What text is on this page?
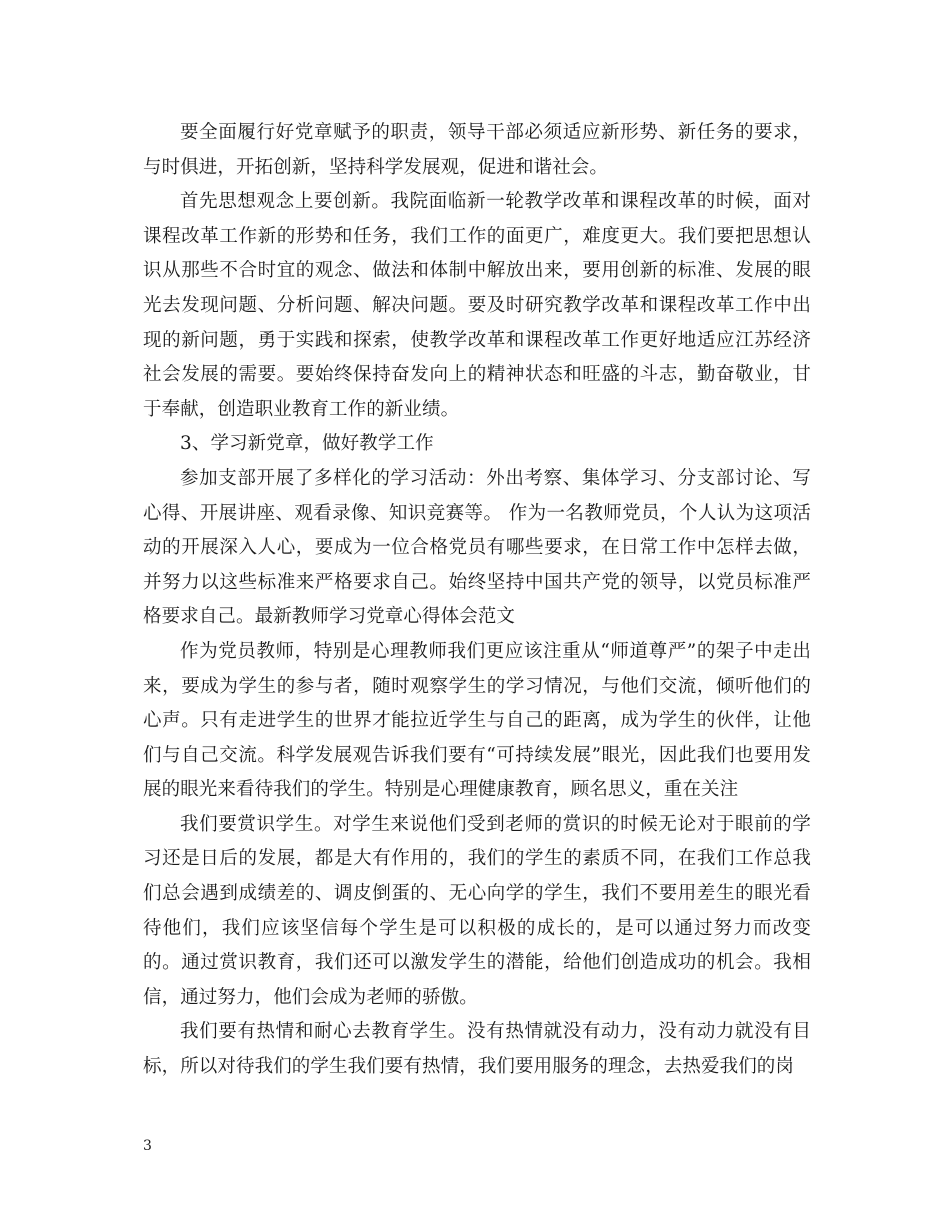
要全面履行好党章赋予的职责，领导干部必须适应新形势、新任务的要求，与时俱进，开拓创新，坚持科学发展观，促进和谐社会。

首先思想观念上要创新。我院面临新一轮教学改革和课程改革的时候，面对课程改革工作新的形势和任务，我们工作的面更广，难度更大。我们要把思想认识从那些不合时宜的观念、做法和体制中解放出来，要用创新的标准、发展的眼光去发现问题、分析问题、解决问题。要及时研究教学改革和课程改革工作中出现的新问题，勇于实践和探索，使教学改革和课程改革工作更好地适应江苏经济社会发展的需要。要始终保持奋发向上的精神状态和旺盛的斗志，勤奋敬业，甘于奉献，创造职业教育工作的新业绩。

3、学习新党章，做好教学工作

参加支部开展了多样化的学习活动：外出考察、集体学习、分支部讨论、写心得、开展讲座、观看录像、知识竞赛等。 作为一名教师党员，个人认为这项活动的开展深入人心，要成为一位合格党员有哪些要求，在日常工作中怎样去做，并努力以这些标准来严格要求自己。始终坚持中国共产党的领导，以党员标准严格要求自己。最新教师学习党章心得体会范文

作为党员教师，特别是心理教师我们更应该注重从“师道尊严”的架子中走出来，要成为学生的参与者，随时观察学生的学习情况，与他们交流，倾听他们的心声。只有走进学生的世界才能拉近学生与自己的距离，成为学生的伙伴，让他们与自己交流。科学发展观告诉我们要有“可持续发展”眼光，因此我们也要用发展的眼光来看待我们的学生。特别是心理健康教育，顾名思义，重在关注

我们要赏识学生。对学生来说他们受到老师的赏识的时候无论对于眼前的学习还是日后的发展，都是大有作用的，我们的学生的素质不同，在我们工作总我们总会遇到成绩差的、调皮倒蛋的、无心向学的学生，我们不要用差生的眼光看待他们，我们应该坚信每个学生是可以积极的成长的，是可以通过努力而改变的。通过赏识教育，我们还可以激发学生的潜能，给他们创造成功的机会。我相信，通过努力，他们会成为老师的骄傲。

我们要有热情和耐心去教育学生。没有热情就没有动力，没有动力就没有目标，所以对待我们的学生我们要有热情，我们要用服务的理念，去热爱我们的岗

3
